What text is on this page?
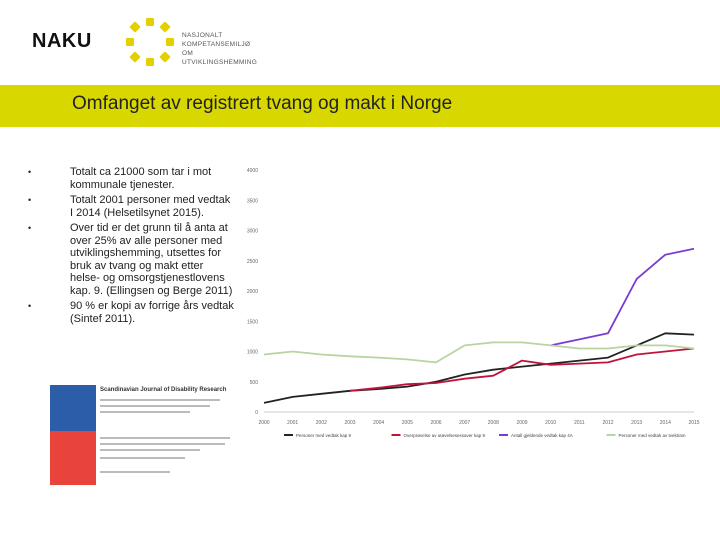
NAKU	NASJONALT KOMPETANSEMILJØ
OM UTVIKLINGSHEMMING
Omfanget av registrert tvang og makt i Norge
• Totalt ca 21000 som tar i mot kommunale tjenester.
• Totalt 2001 personer med vedtak I 2014 (Helsetilsynet 2015).
• Over tid er det grunn til å anta at over 25% av alle personer med utviklingshemming, utsettes for bruk av tvang og makt etter helse- og omsorgstjenestlovens kap. 9. (Ellingsen og Berge 2011)
• 90 % er kopi av forrige års vedtak (Sintef 2011).
Scandinavian Journal of Disability Research
0
500
1000
1500
2000
2500
3000
3500
4000
2000	2001	2002	2003	2004	2005	2006	2007	2008	2009	2010	2011	2012	2013	2014	2015
Personer med vedtak kap 9	Overprøvelse av utøvelsesessaver kap 9	Antall gjeldende vedtak kap 4A	Personer med vedtak av tvekt/am
